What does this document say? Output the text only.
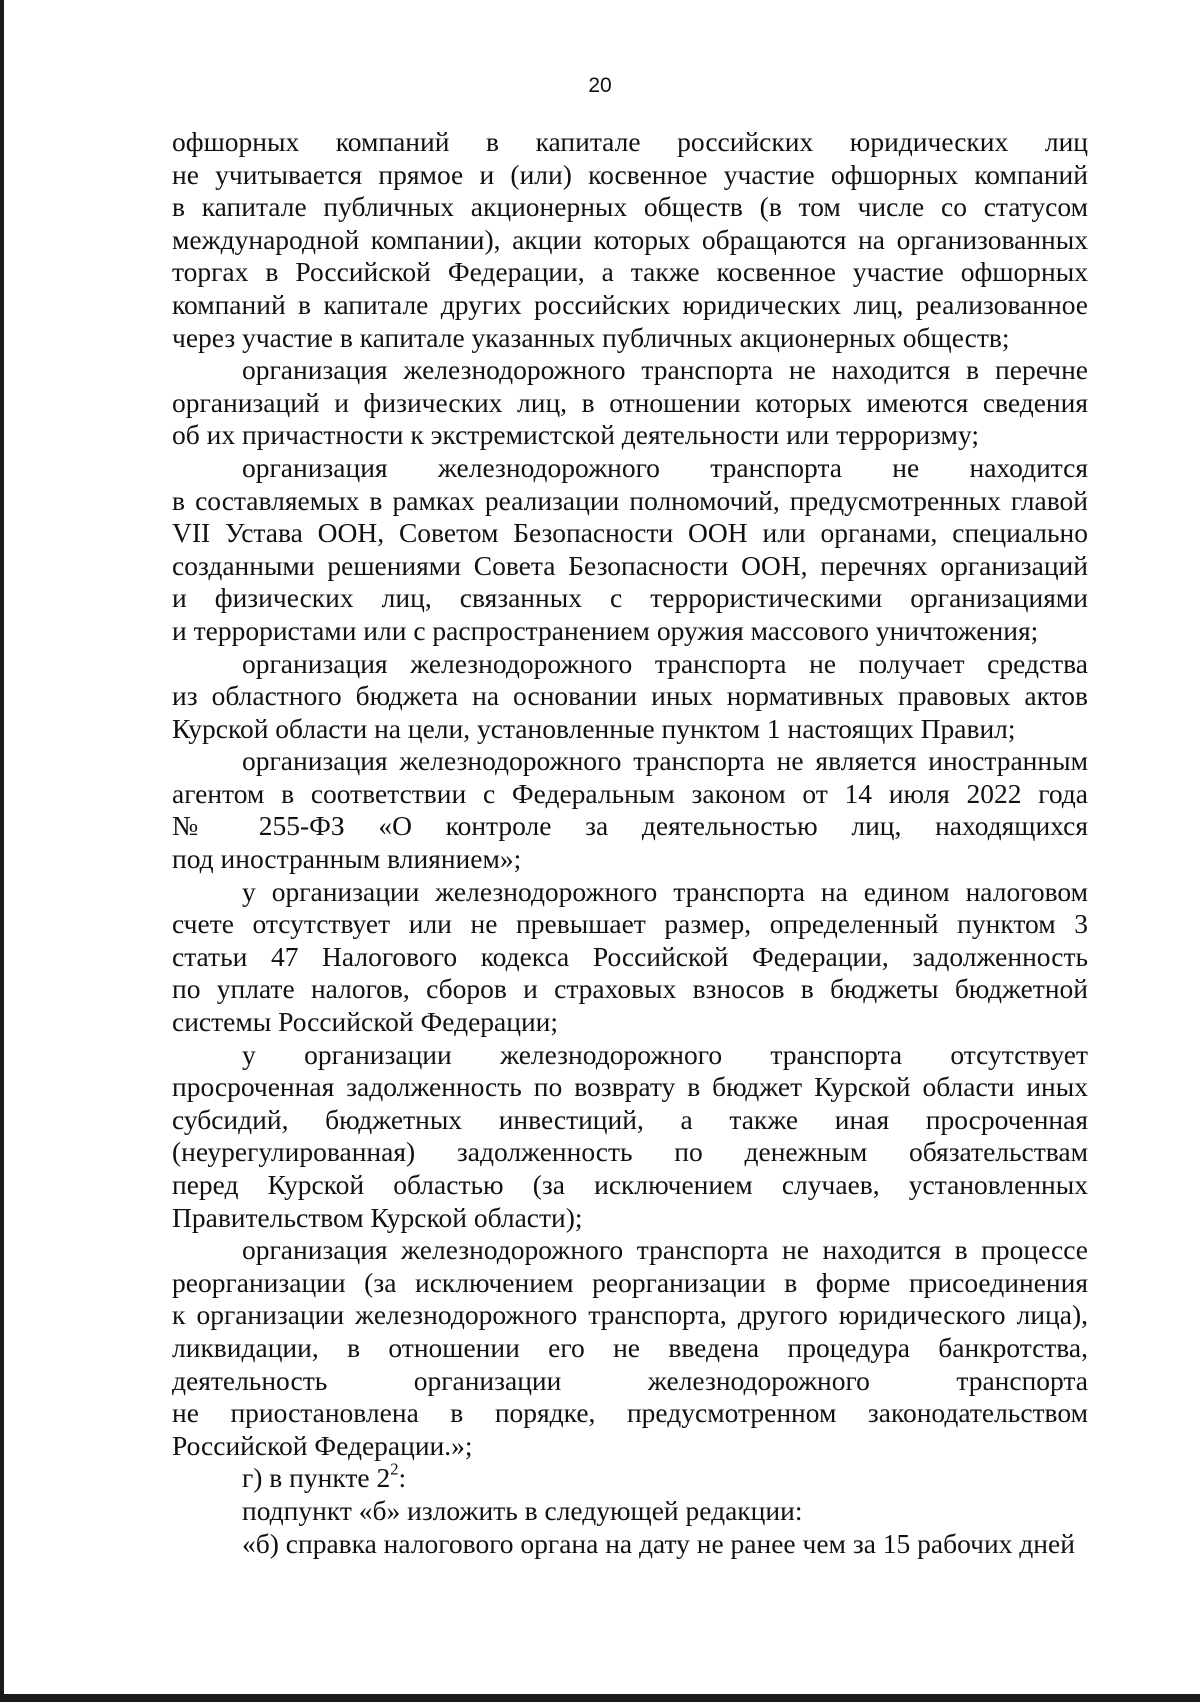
20
офшорных компаний в капитале российских юридических лиц
не учитывается прямое и (или) косвенное участие офшорных компаний
в капитале публичных акционерных обществ (в том числе со статусом
международной компании), акции которых обращаются на организованных
торгах в Российской Федерации, а также косвенное участие офшорных
компаний в капитале других российских юридических лиц, реализованное
через участие в капитале указанных публичных акционерных обществ;
организация железнодорожного транспорта не находится в перечне
организаций и физических лиц, в отношении которых имеются сведения
об их причастности к экстремистской деятельности или терроризму;
организация железнодорожного транспорта не находится
в составляемых в рамках реализации полномочий, предусмотренных главой
VII Устава ООН, Советом Безопасности ООН или органами, специально
созданными решениями Совета Безопасности ООН, перечнях организаций
и физических лиц, связанных с террористическими организациями
и террористами или с распространением оружия массового уничтожения;
организация железнодорожного транспорта не получает средства
из областного бюджета на основании иных нормативных правовых актов
Курской области на цели, установленные пунктом 1 настоящих Правил;
организация железнодорожного транспорта не является иностранным
агентом в соответствии с Федеральным законом от 14 июля 2022 года
№ 255-ФЗ «О контроле за деятельностью лиц, находящихся
под иностранным влиянием»;
у организации железнодорожного транспорта на едином налоговом
счете отсутствует или не превышает размер, определенный пунктом 3
статьи 47 Налогового кодекса Российской Федерации, задолженность
по уплате налогов, сборов и страховых взносов в бюджеты бюджетной
системы Российской Федерации;
у организации железнодорожного транспорта отсутствует
просроченная задолженность по возврату в бюджет Курской области иных
субсидий, бюджетных инвестиций, а также иная просроченная
(неурегулированная) задолженность по денежным обязательствам
перед Курской областью (за исключением случаев, установленных
Правительством Курской области);
организация железнодорожного транспорта не находится в процессе
реорганизации (за исключением реорганизации в форме присоединения
к организации железнодорожного транспорта, другого юридического лица),
ликвидации, в отношении его не введена процедура банкротства,
деятельность организации железнодорожного транспорта
не приостановлена в порядке, предусмотренном законодательством
Российской Федерации.»;

г) в пункте $2^2$:

подпункт «б» изложить в следующей редакции:

«б) справка налогового органа на дату не ранее чем за 15 рабочих дней
